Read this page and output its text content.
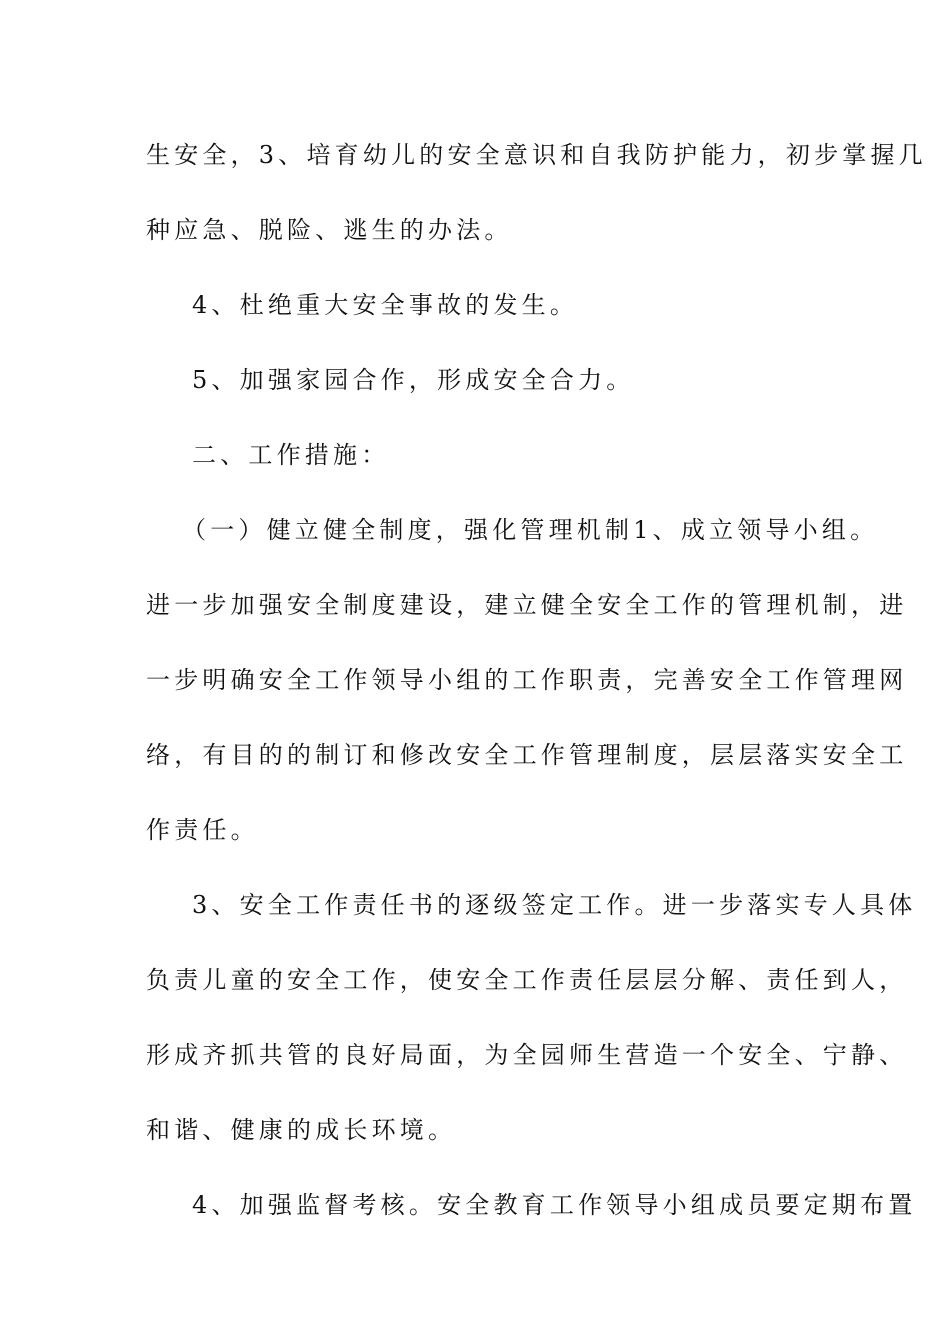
生安全，3、培育幼儿的安全意识和自我防护能力，初步掌握几
种应急、脱险、逃生的办法。
4、杜绝重大安全事故的发生。
5、加强家园合作，形成安全合力。
二、工作措施：
（一）健立健全制度，强化管理机制1、成立领导小组。
进一步加强安全制度建设，建立健全安全工作的管理机制，进
一步明确安全工作领导小组的工作职责，完善安全工作管理网
络，有目的的制订和修改安全工作管理制度，层层落实安全工
作责任。
3、安全工作责任书的逐级签定工作。进一步落实专人具体
负责儿童的安全工作，使安全工作责任层层分解、责任到人，
形成齐抓共管的良好局面，为全园师生营造一个安全、宁静、
和谐、健康的成长环境。
4、加强监督考核。安全教育工作领导小组成员要定期布置
